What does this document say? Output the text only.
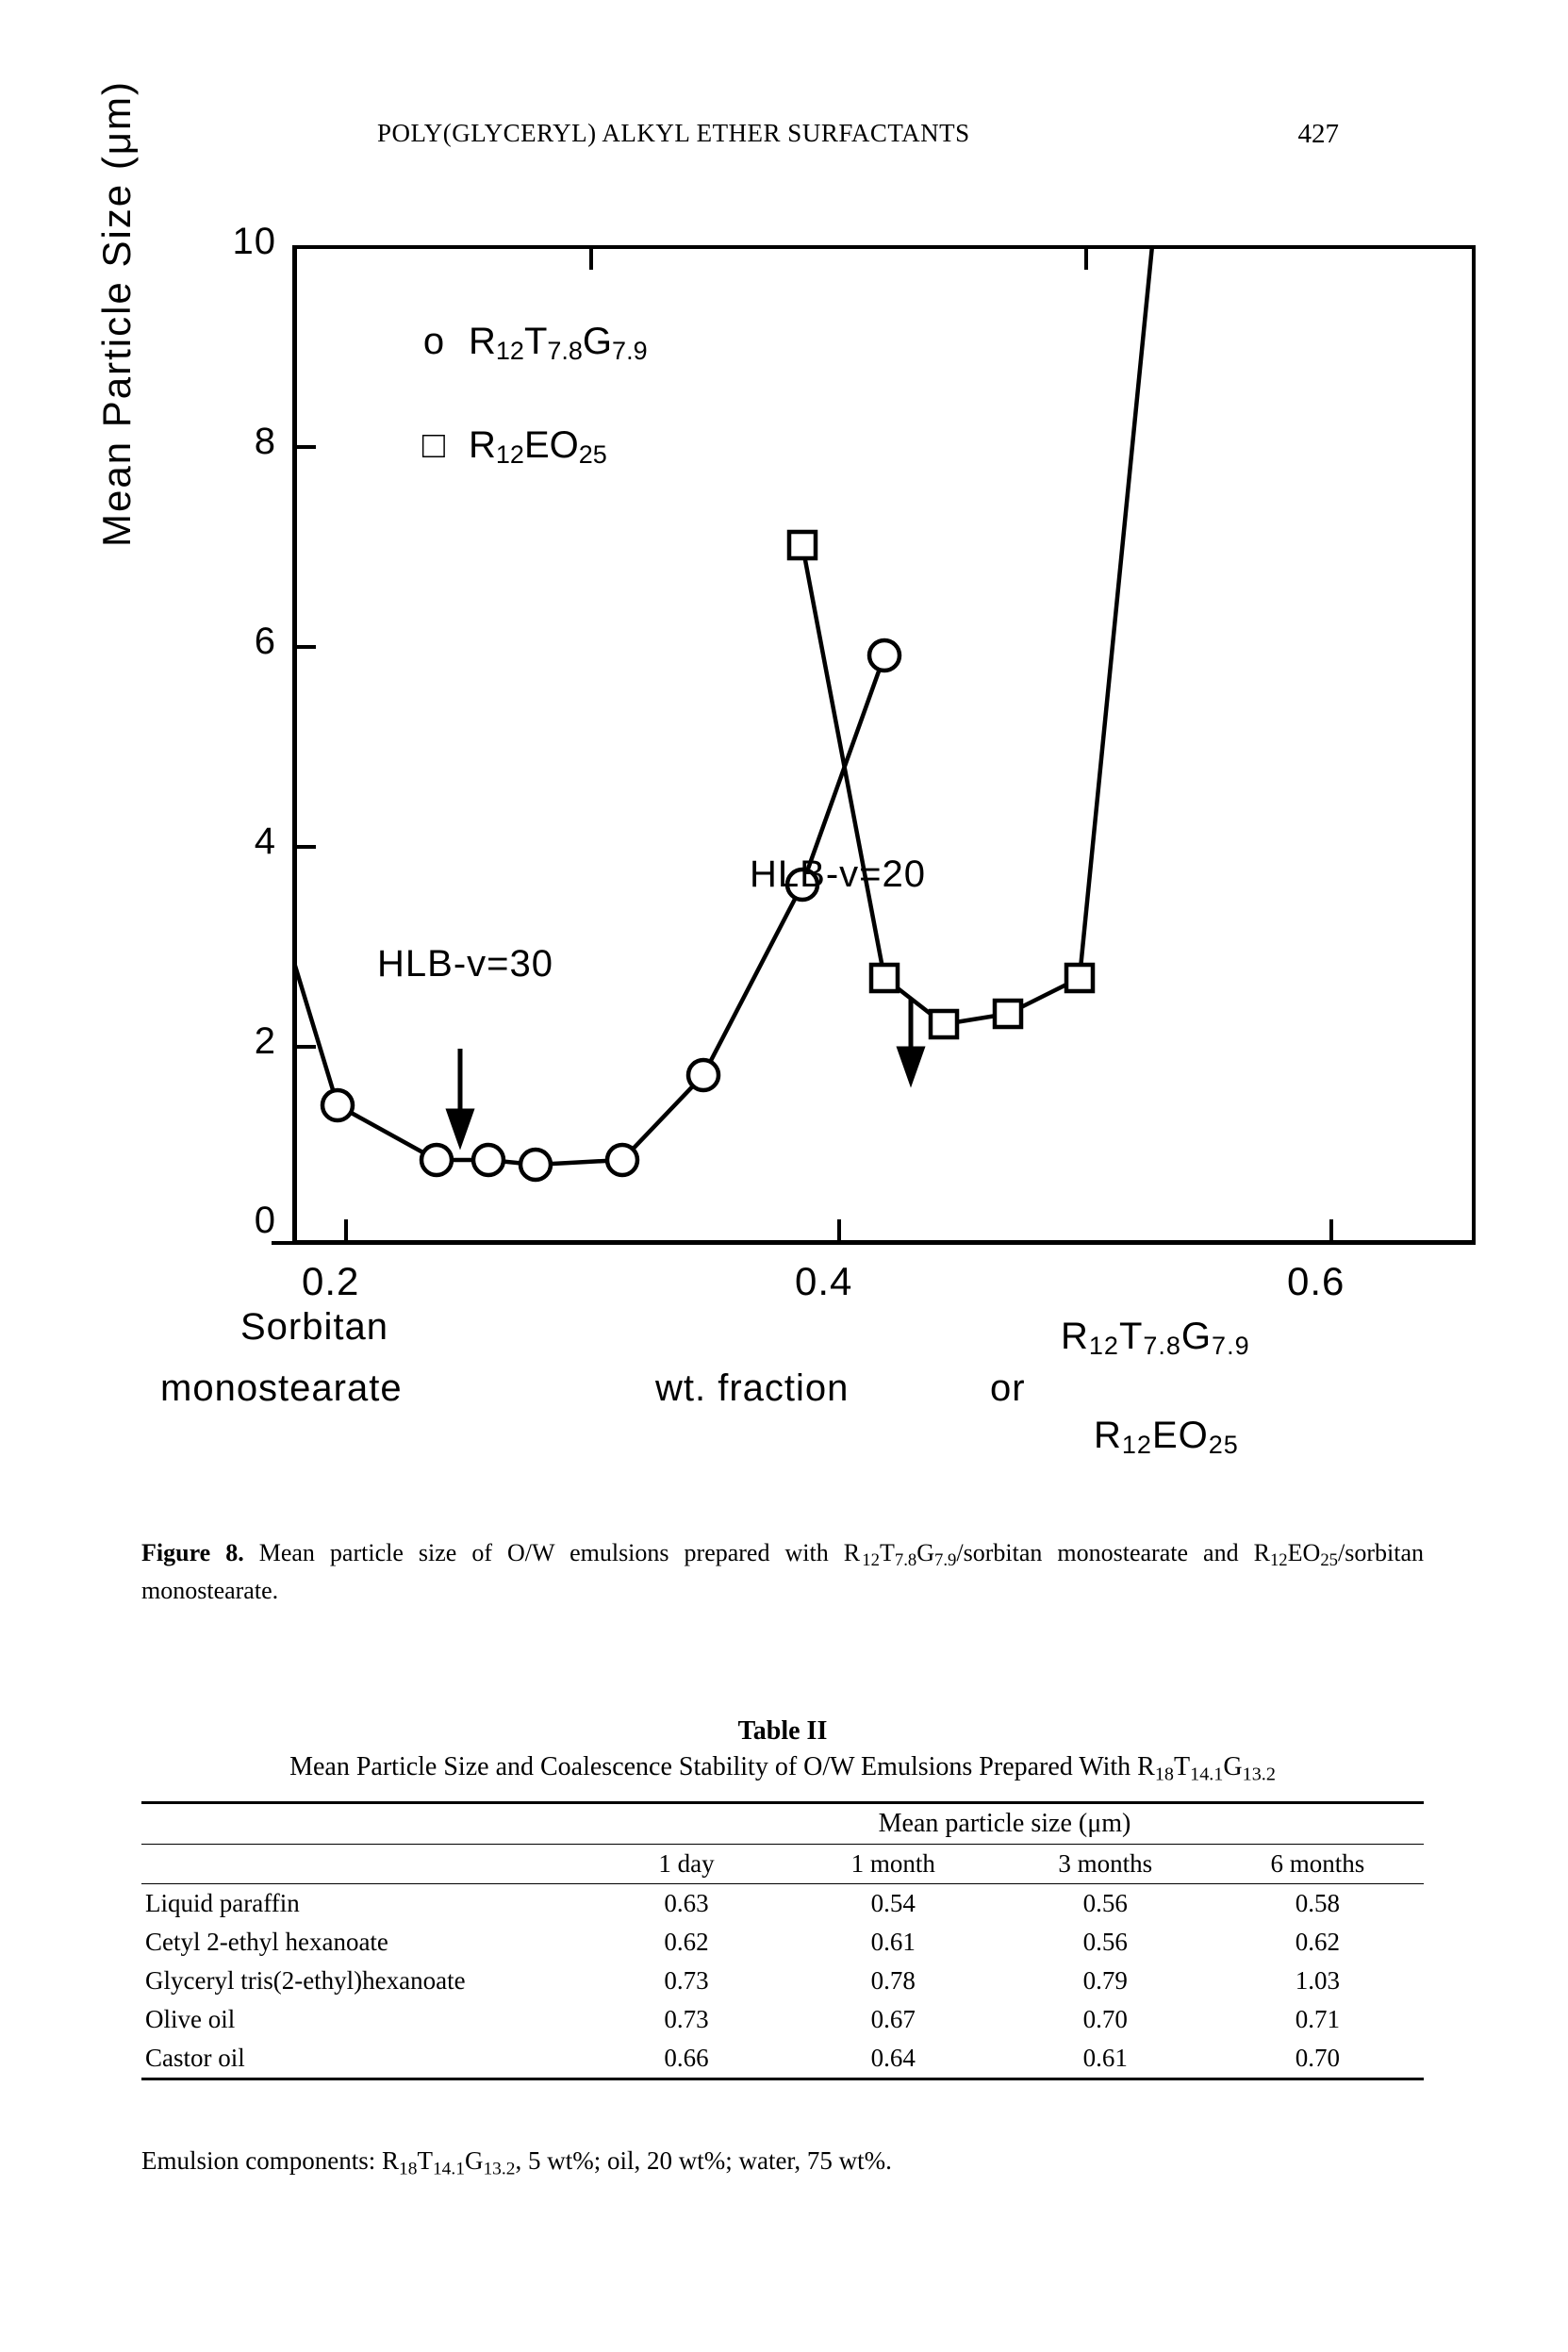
POLY(GLYCERYL) ALKYL ETHER SURFACTANTS	427
Mean Particle Size (μm) 10
8
6
4
2
0
0.2	0.4	0.6
o $R_{12}T_{7.8}G_{7.9}$
□ $R_{12}EO_{25}$
HLB-v=30
HLB-v=20
Sorbitan
monostearate	wt. fraction	or
$R_{12}T_{7.8}G_{7.9}$
$R_{12}EO_{25}$
Figure 8. Mean particle size of O/W emulsions prepared with R  $_{12}T_{7.8}G_{7.9}$/sorbitan monostearate and $R_{12}EO_{25}$/sorbitan monostearate.
Table II
Mean Particle Size and Coalescence Stability of O/W Emulsions Prepared With $R_{18}T_{14.1}G_{13.2}$
	Mean particle size (μm)			
	1 day	1 month	3 months	6 months
Liquid paraffin	0.63	0.54	0.56	0.58
Cetyl 2-ethyl hexanoate	0.62	0.61	0.56	0.62
Glyceryl tris(2-ethyl)hexanoate	0.73	0.78	0.79	1.03
Olive oil	0.73	0.67	0.70	0.71
Castor oil	0.66	0.64	0.61	0.70
Emulsion components: $R_{18}T_{14.1}G_{13.2}$, 5 wt%; oil, 20 wt%; water, 75 wt%.
